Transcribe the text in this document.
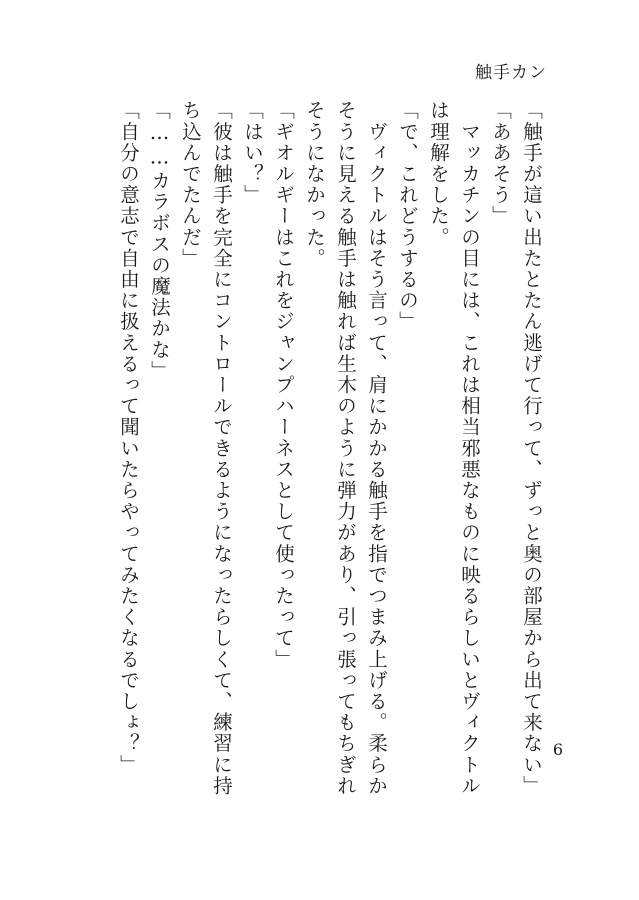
触手カン

「触手が這い出たとたん逃げて行って、ずっと奥の部屋から出て来ない」

「ああそう」

　マッカチンの目には、これは相当邪悪なものに映るらしいとヴィクトルは理解をした。

「で、これどうするの」

　ヴィクトルはそう言って、肩にかかる触手を指でつまみ上げる。柔らかそうに見える触手は触れば生木のように弾力があり、引っ張ってもちぎれそうになかった。

「ギオルギーはこれをジャンプハーネスとして使ったって」

「はい？」

「彼は触手を完全にコントロールできるようになったらしくて、練習に持ち込んでたんだ」

「……カラボスの魔法かな」

「自分の意志で自由に扱えるって聞いたらやってみたくなるでしょ？」	6
